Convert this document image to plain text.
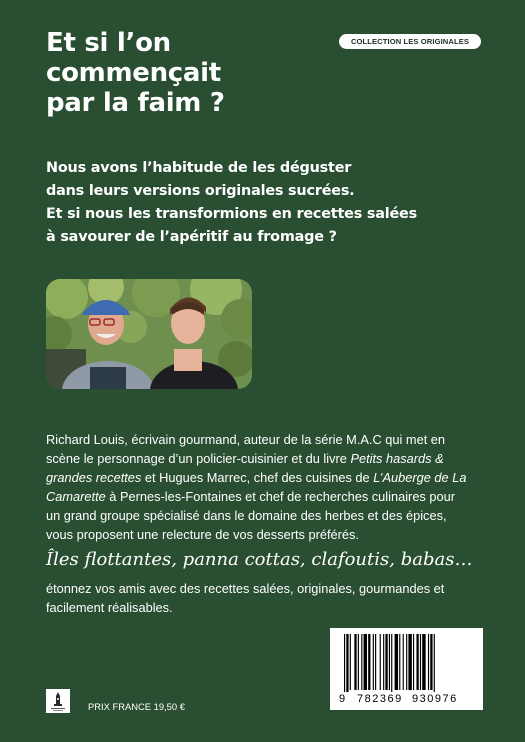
Et si l’on
commençait
par la faim ?
COLLECTION LES ORIGINALES
Nous avons l’habitude de les déguster
dans leurs versions originales sucrées.
Et si nous les transformions en recettes salées
à savourer de l’apéritif au fromage ?
Richard Louis, écrivain gourmand, auteur de la série M.A.C qui met en
scène le personnage d’un policier-cuisinier et du livre Petits hasards &
grandes recettes et Hugues Marrec, chef des cuisines de L’Auberge de La
Camarette à Pernes-les-Fontaines et chef de recherches culinaires pour
un grand groupe spécialisé dans le domaine des herbes et des épices,
vous proposent une relecture de vos desserts préférés.
Îles flottantes, panna cottas, clafoutis, babas…
étonnez vos amis avec des recettes salées, originales, gourmandes et
facilement réalisables.
PRIX FRANCE 19,50 €
9 782369 930976
